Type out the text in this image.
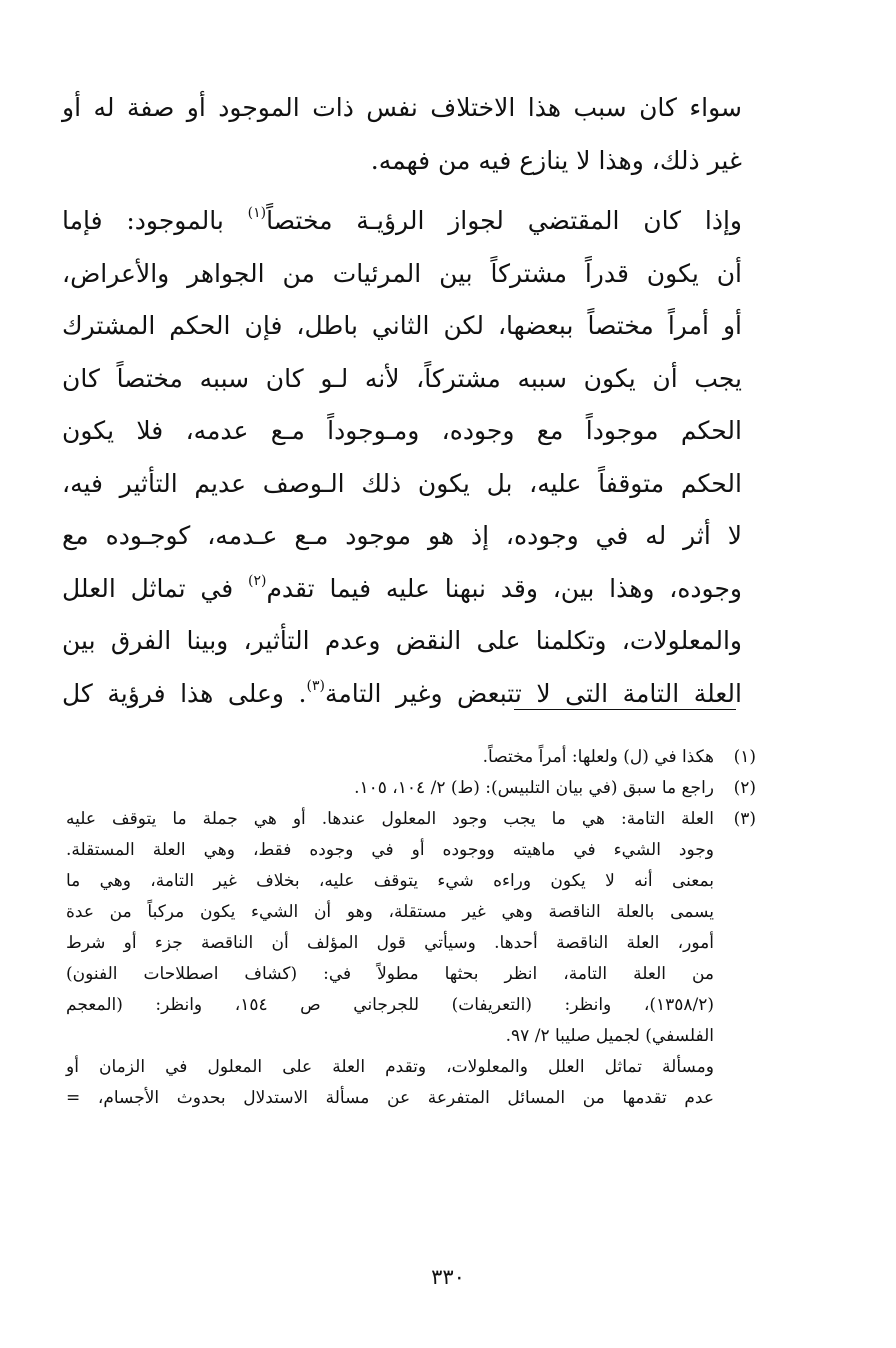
سواء كان سبب هذا الاختلاف نفس ذات الموجود أو صفة له أو
غير ذلك، وهذا لا ينازع فيه من فهمه.
وإذا كان المقتضي لجواز الرؤيـة مختصاً$^{(١)}$ بالموجود: فإما
أن يكون قدراً مشتركاً بين المرئيات من الجواهر والأعراض،
أو أمراً مختصاً ببعضها، لكن الثاني باطل، فإن الحكم المشترك
يجب أن يكون سببه مشتركاً، لأنه لـو كان سببه مختصاً كان
الحكم موجوداً مع وجوده، ومـوجوداً مـع عدمه، فلا يكون
الحكم متوقفاً عليه، بل يكون ذلك الـوصف عديم التأثير فيه،
لا أثر له في وجوده، إذ هو موجود مـع عـدمه، كوجـوده مع
وجوده، وهذا بين، وقد نبهنا عليه فيما تقدم$^{(٢)}$ في تماثل العلل
والمعلولات، وتكلمنا على النقض وعدم التأثير، وبينا الفرق بين
العلة التامة التى لا تتبعض وغير التامة$^{(٣)}$. وعلى هذا فرؤية كل
(١)
هكذا في (ل) ولعلها: أمراً مختصاً.
(٢)
راجع ما سبق (في بيان التلبيس): (ط) ٢/ ١٠٤، ١٠٥.
(٣)
العلة التامة: هي ما يجب وجود المعلول عندها. أو هي جملة ما يتوقف عليه
وجود الشيء في ماهيته ووجوده أو في وجوده فقط، وهي العلة المستقلة.
بمعنى أنه لا يكون وراءه شيء يتوقف عليه، بخلاف غير التامة، وهي ما
يسمى بالعلة الناقصة وهي غير مستقلة، وهو أن الشيء يكون مركباً من عدة
أمور، العلة الناقصة أحدها. وسيأتي قول المؤلف أن الناقصة جزء أو شرط
من العلة التامة، انظر بحثها مطولاً في: (كشاف اصطلاحات الفنون)
(١٣٥٨/٢)، وانظر: (التعريفات) للجرجاني ص ١٥٤، وانظر: (المعجم
الفلسفي) لجميل صليبا ٢/ ٩٧.
ومسألة تماثل العلل والمعلولات، وتقدم العلة على المعلول في الزمان أو
عدم تقدمها من المسائل المتفرعة عن مسألة الاستدلال بحدوث الأجسام، =
٣٣٠
